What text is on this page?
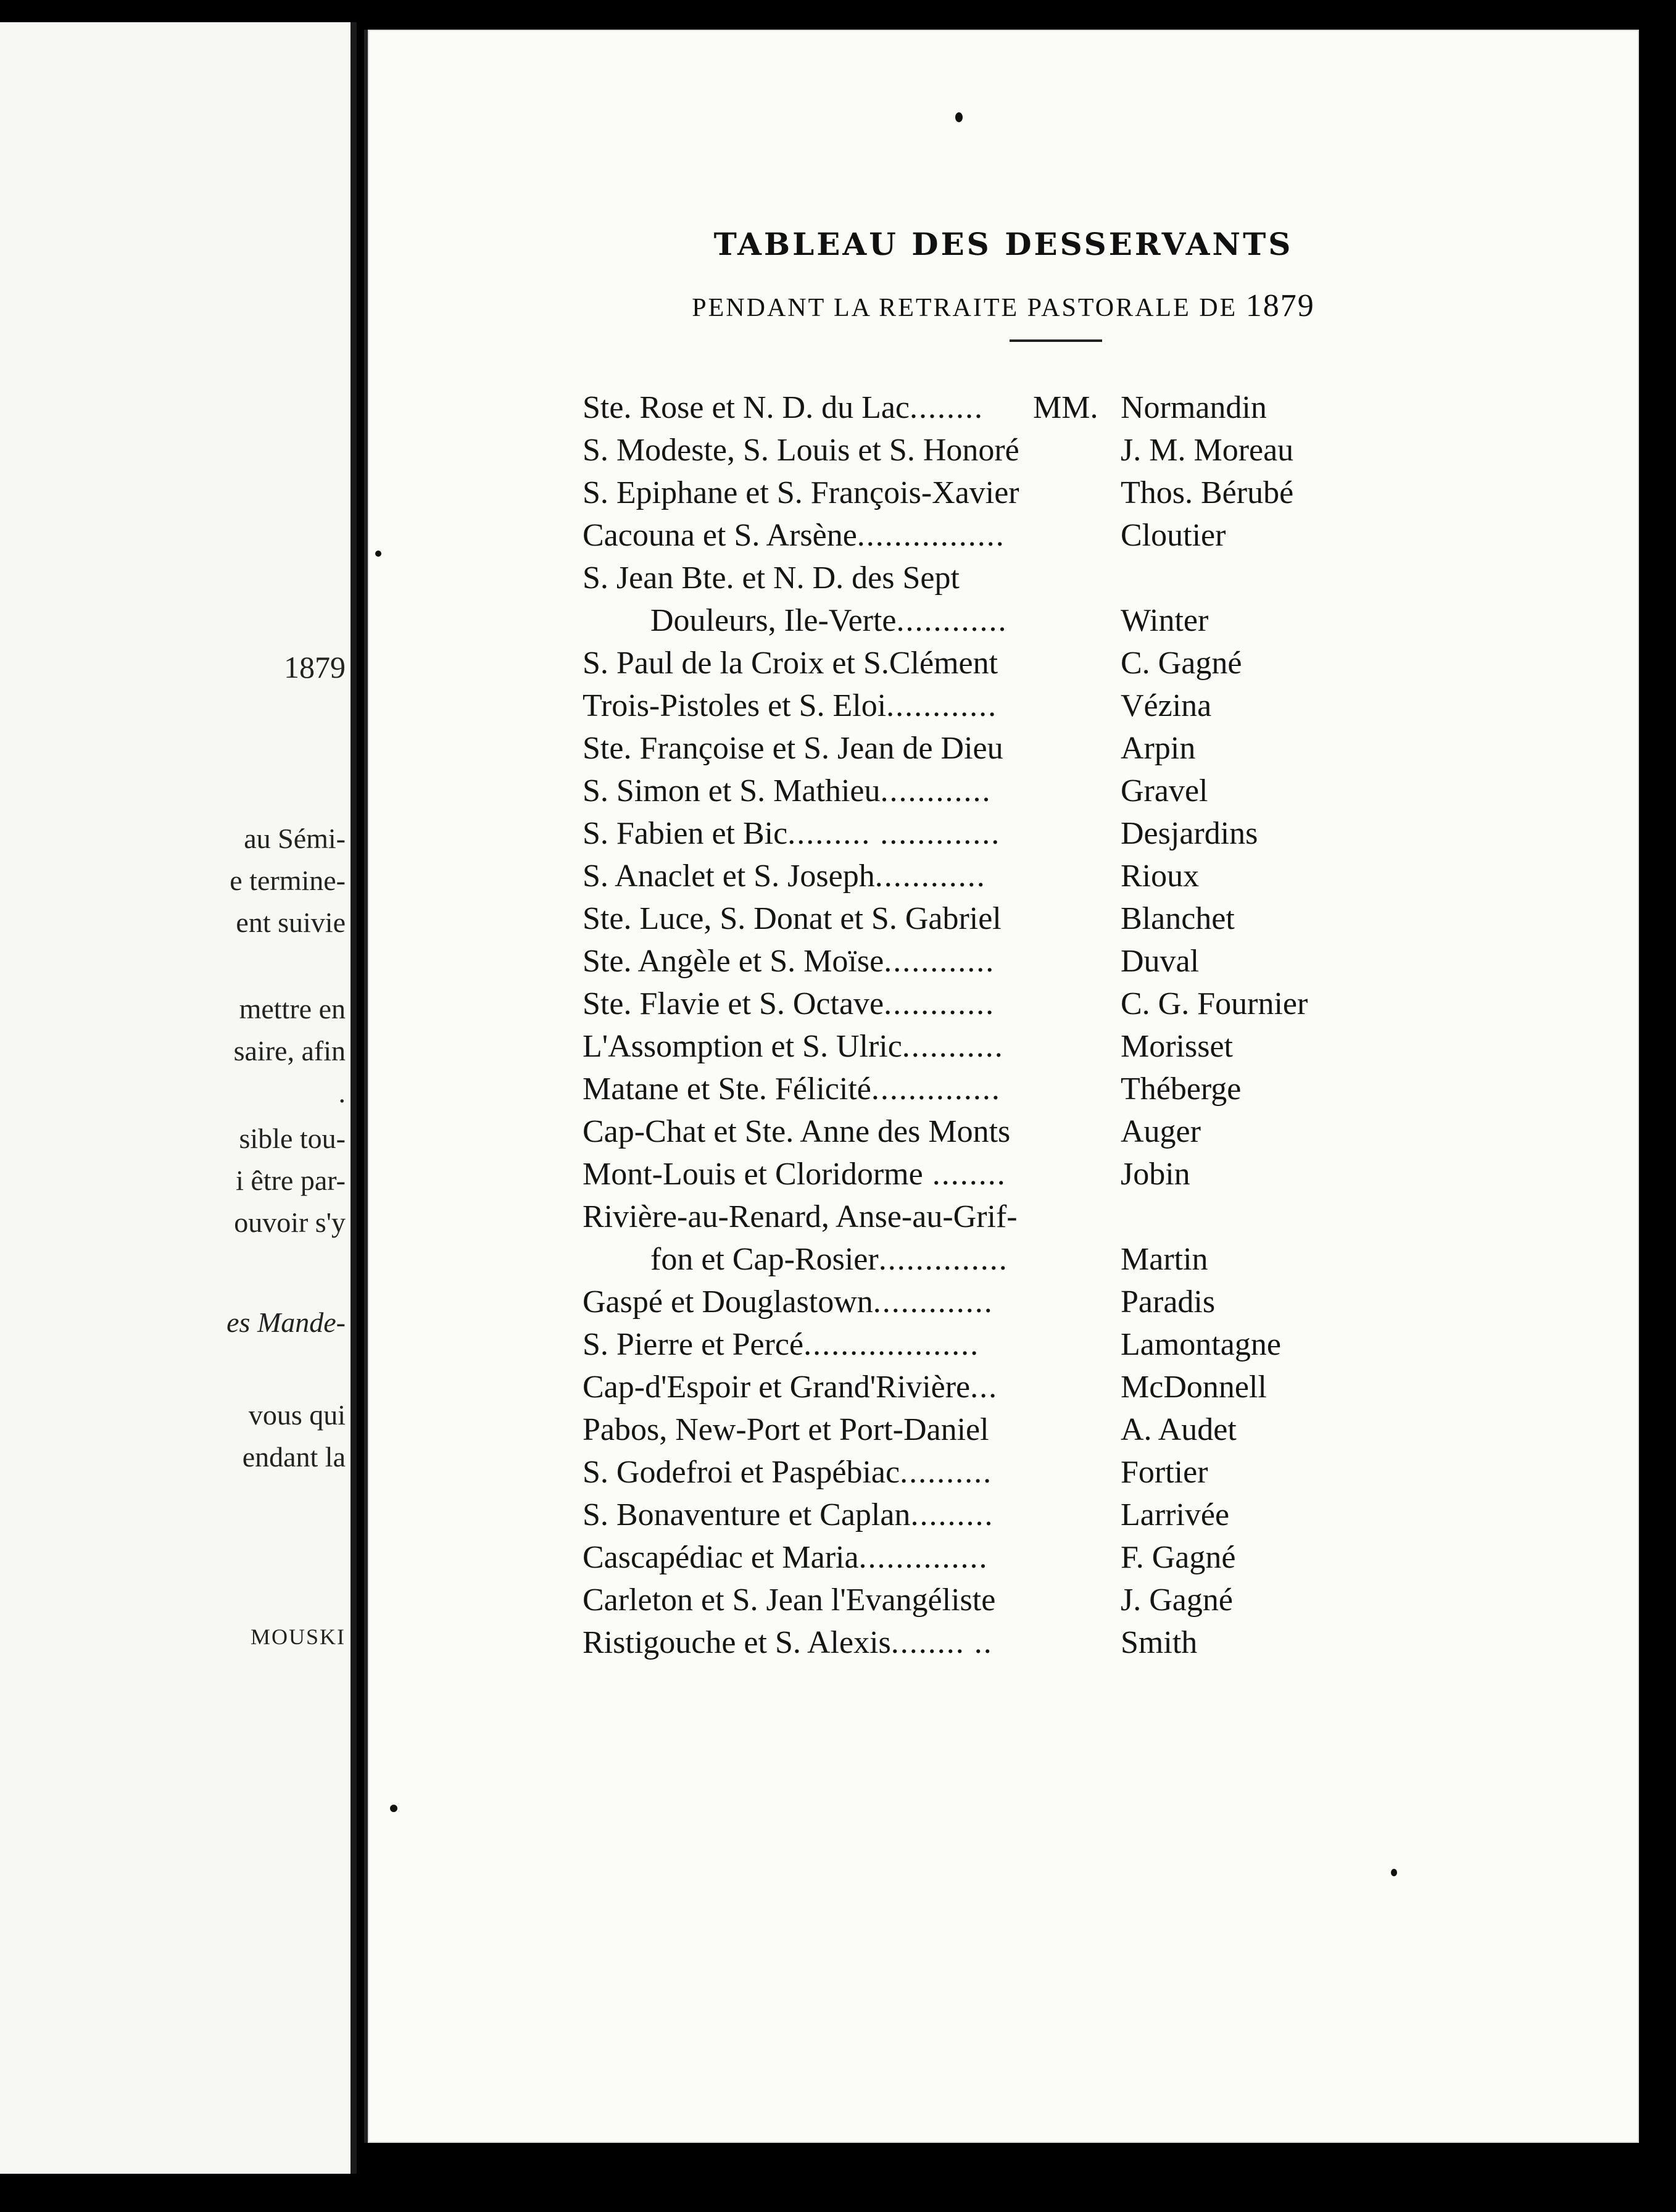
1879
au Sémi-
e termine-
ent suivie
mettre en
saire, afin
.
sible tou-
i être par-
ouvoir s'y
es Mande-
vous qui
endant la
MOUSKI
TABLEAU DES DESSERVANTS
PENDANT LA RETRAITE PASTORALE DE 1879
Ste. Rose et N. D. du Lac........	MM. Normandin
S. Modeste, S. Louis et S. Honoré	J. M. Moreau
S. Epiphane et S. François-Xavier	Thos. Bérubé
Cacouna et S. Arsène................	Cloutier
S. Jean Bte. et N. D. des Sept
Douleurs, Ile-Verte............	Winter
S. Paul de la Croix et S.Clément	C. Gagné
Trois-Pistoles et S. Eloi............	Vézina
Ste. Françoise et S. Jean de Dieu	Arpin
S. Simon et S. Mathieu............	Gravel
S. Fabien et Bic......... .............	Desjardins
S. Anaclet et S. Joseph............	Rioux
Ste. Luce, S. Donat et S. Gabriel	Blanchet
Ste. Angèle et S. Moïse............	Duval
Ste. Flavie et S. Octave............	C. G. Fournier
L'Assomption et S. Ulric...........	Morisset
Matane et Ste. Félicité..............	Théberge
Cap-Chat et Ste. Anne des Monts	Auger
Mont-Louis et Cloridorme ........	Jobin
Rivière-au-Renard, Anse-au-Grif-
fon et Cap-Rosier..............	Martin
Gaspé et Douglastown.............	Paradis
S. Pierre et Percé...................	Lamontagne
Cap-d'Espoir et Grand'Rivière...	McDonnell
Pabos, New-Port et Port-Daniel	A. Audet
S. Godefroi et Paspébiac..........	Fortier
S. Bonaventure et Caplan.........	Larrivée
Cascapédiac et Maria..............	F. Gagné
Carleton et S. Jean l'Evangéliste	J. Gagné
Ristigouche et S. Alexis........ ..	Smith
